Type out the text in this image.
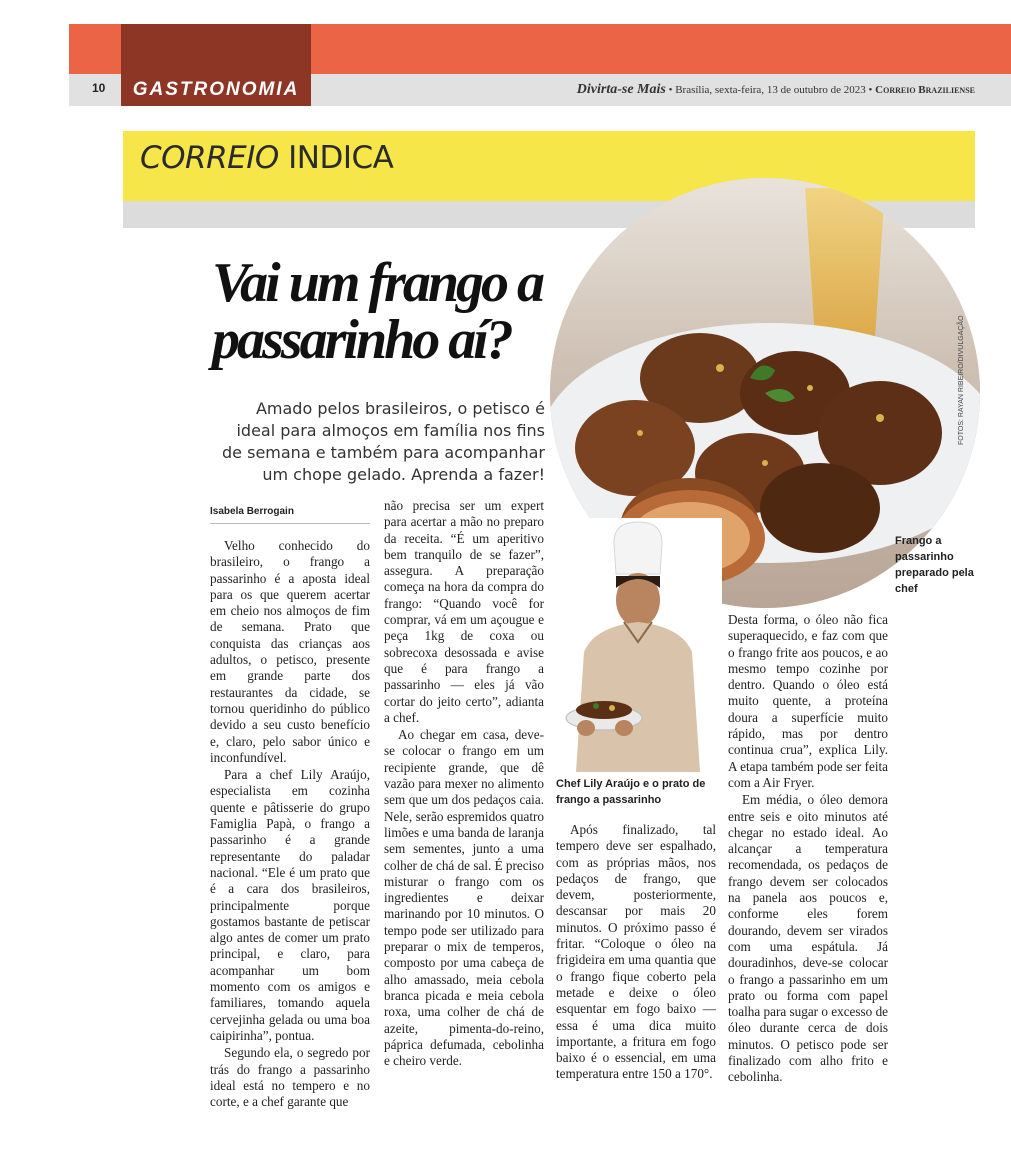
GASTRONOMIA
10	Divirta-se Mais • Brasília, sexta-feira, 13 de outubro de 2023 • Correio Braziliense
CORREIO INDICA
FOTOS: RAYAN RIBEIRO/DIVULGAÇÃO
Frango a passarinho preparado pela chef
Vai um frango a
passarinho aí?
Amado pelos brasileiros, o petisco é ideal para almoços em família nos fins de semana e também para acompanhar um chope gelado. Aprenda a fazer!
Isabela Berrogain

Velho conhecido do brasileiro, o frango a passarinho é a aposta ideal para os que querem acertar em cheio nos almoços de fim de semana. Prato que conquista das crianças aos adultos, o petisco, presente em grande parte dos restaurantes da cidade, se tornou queridinho do público devido a seu custo benefício e, claro, pelo sabor único e inconfundível.

Para a chef Lily Araújo, especialista em cozinha quente e pâtisserie do grupo Famiglia Papà, o frango a passarinho é a grande representante do paladar nacional. “Ele é um prato que é a cara dos brasileiros, principalmente porque gostamos bastante de petiscar algo antes de comer um prato principal, e claro, para acompanhar um bom momento com os amigos e familiares, tomando aquela cervejinha gelada ou uma boa caipirinha”, pontua.

Segundo ela, o segredo por trás do frango a passarinho ideal está no tempero e no corte, e a chef garante que

não precisa ser um expert para acertar a mão no preparo da receita. “É um aperitivo bem tranquilo de se fazer”, assegura. A preparação começa na hora da compra do frango: “Quando você for comprar, vá em um açougue e peça 1kg de coxa ou sobrecoxa desossada e avise que é para frango a passarinho — eles já vão cortar do jeito certo”, adianta a chef.

Ao chegar em casa, deve-se colocar o frango em um recipiente grande, que dê vazão para mexer no alimento sem que um dos pedaços caia. Nele, serão espremidos quatro limões e uma banda de laranja sem sementes, junto a uma colher de chá de sal. É preciso misturar o frango com os ingredientes e deixar marinando por 10 minutos. O tempo pode ser utilizado para preparar o mix de temperos, composto por uma cabeça de alho amassado, meia cebola branca picada e meia cebola roxa, uma colher de chá de azeite, pimenta-do-reino, páprica defumada, cebolinha e cheiro verde.

Chef Lily Araújo e o prato de frango a passarinho

Após finalizado, tal tempero deve ser espalhado, com as próprias mãos, nos pedaços de frango, que devem, posteriormente, descansar por mais 20 minutos. O próximo passo é fritar. “Coloque o óleo na frigideira em uma quantia que o frango fique coberto pela metade e deixe o óleo esquentar em fogo baixo — essa é uma dica muito importante, a fritura em fogo baixo é o essencial, em uma temperatura entre 150 a 170°.

Desta forma, o óleo não fica superaquecido, e faz com que o frango frite aos poucos, e ao mesmo tempo cozinhe por dentro. Quando o óleo está muito quente, a proteína doura a superfície muito rápido, mas por dentro continua crua”, explica Lily. A etapa também pode ser feita com a Air Fryer.

Em média, o óleo demora entre seis e oito minutos até chegar no estado ideal. Ao alcançar a temperatura recomendada, os pedaços de frango devem ser colocados na panela aos poucos e, conforme eles forem dourando, devem ser virados com uma espátula. Já douradinhos, deve-se colocar o frango a passarinho em um prato ou forma com papel toalha para sugar o excesso de óleo durante cerca de dois minutos. O petisco pode ser finalizado com alho frito e cebolinha.
